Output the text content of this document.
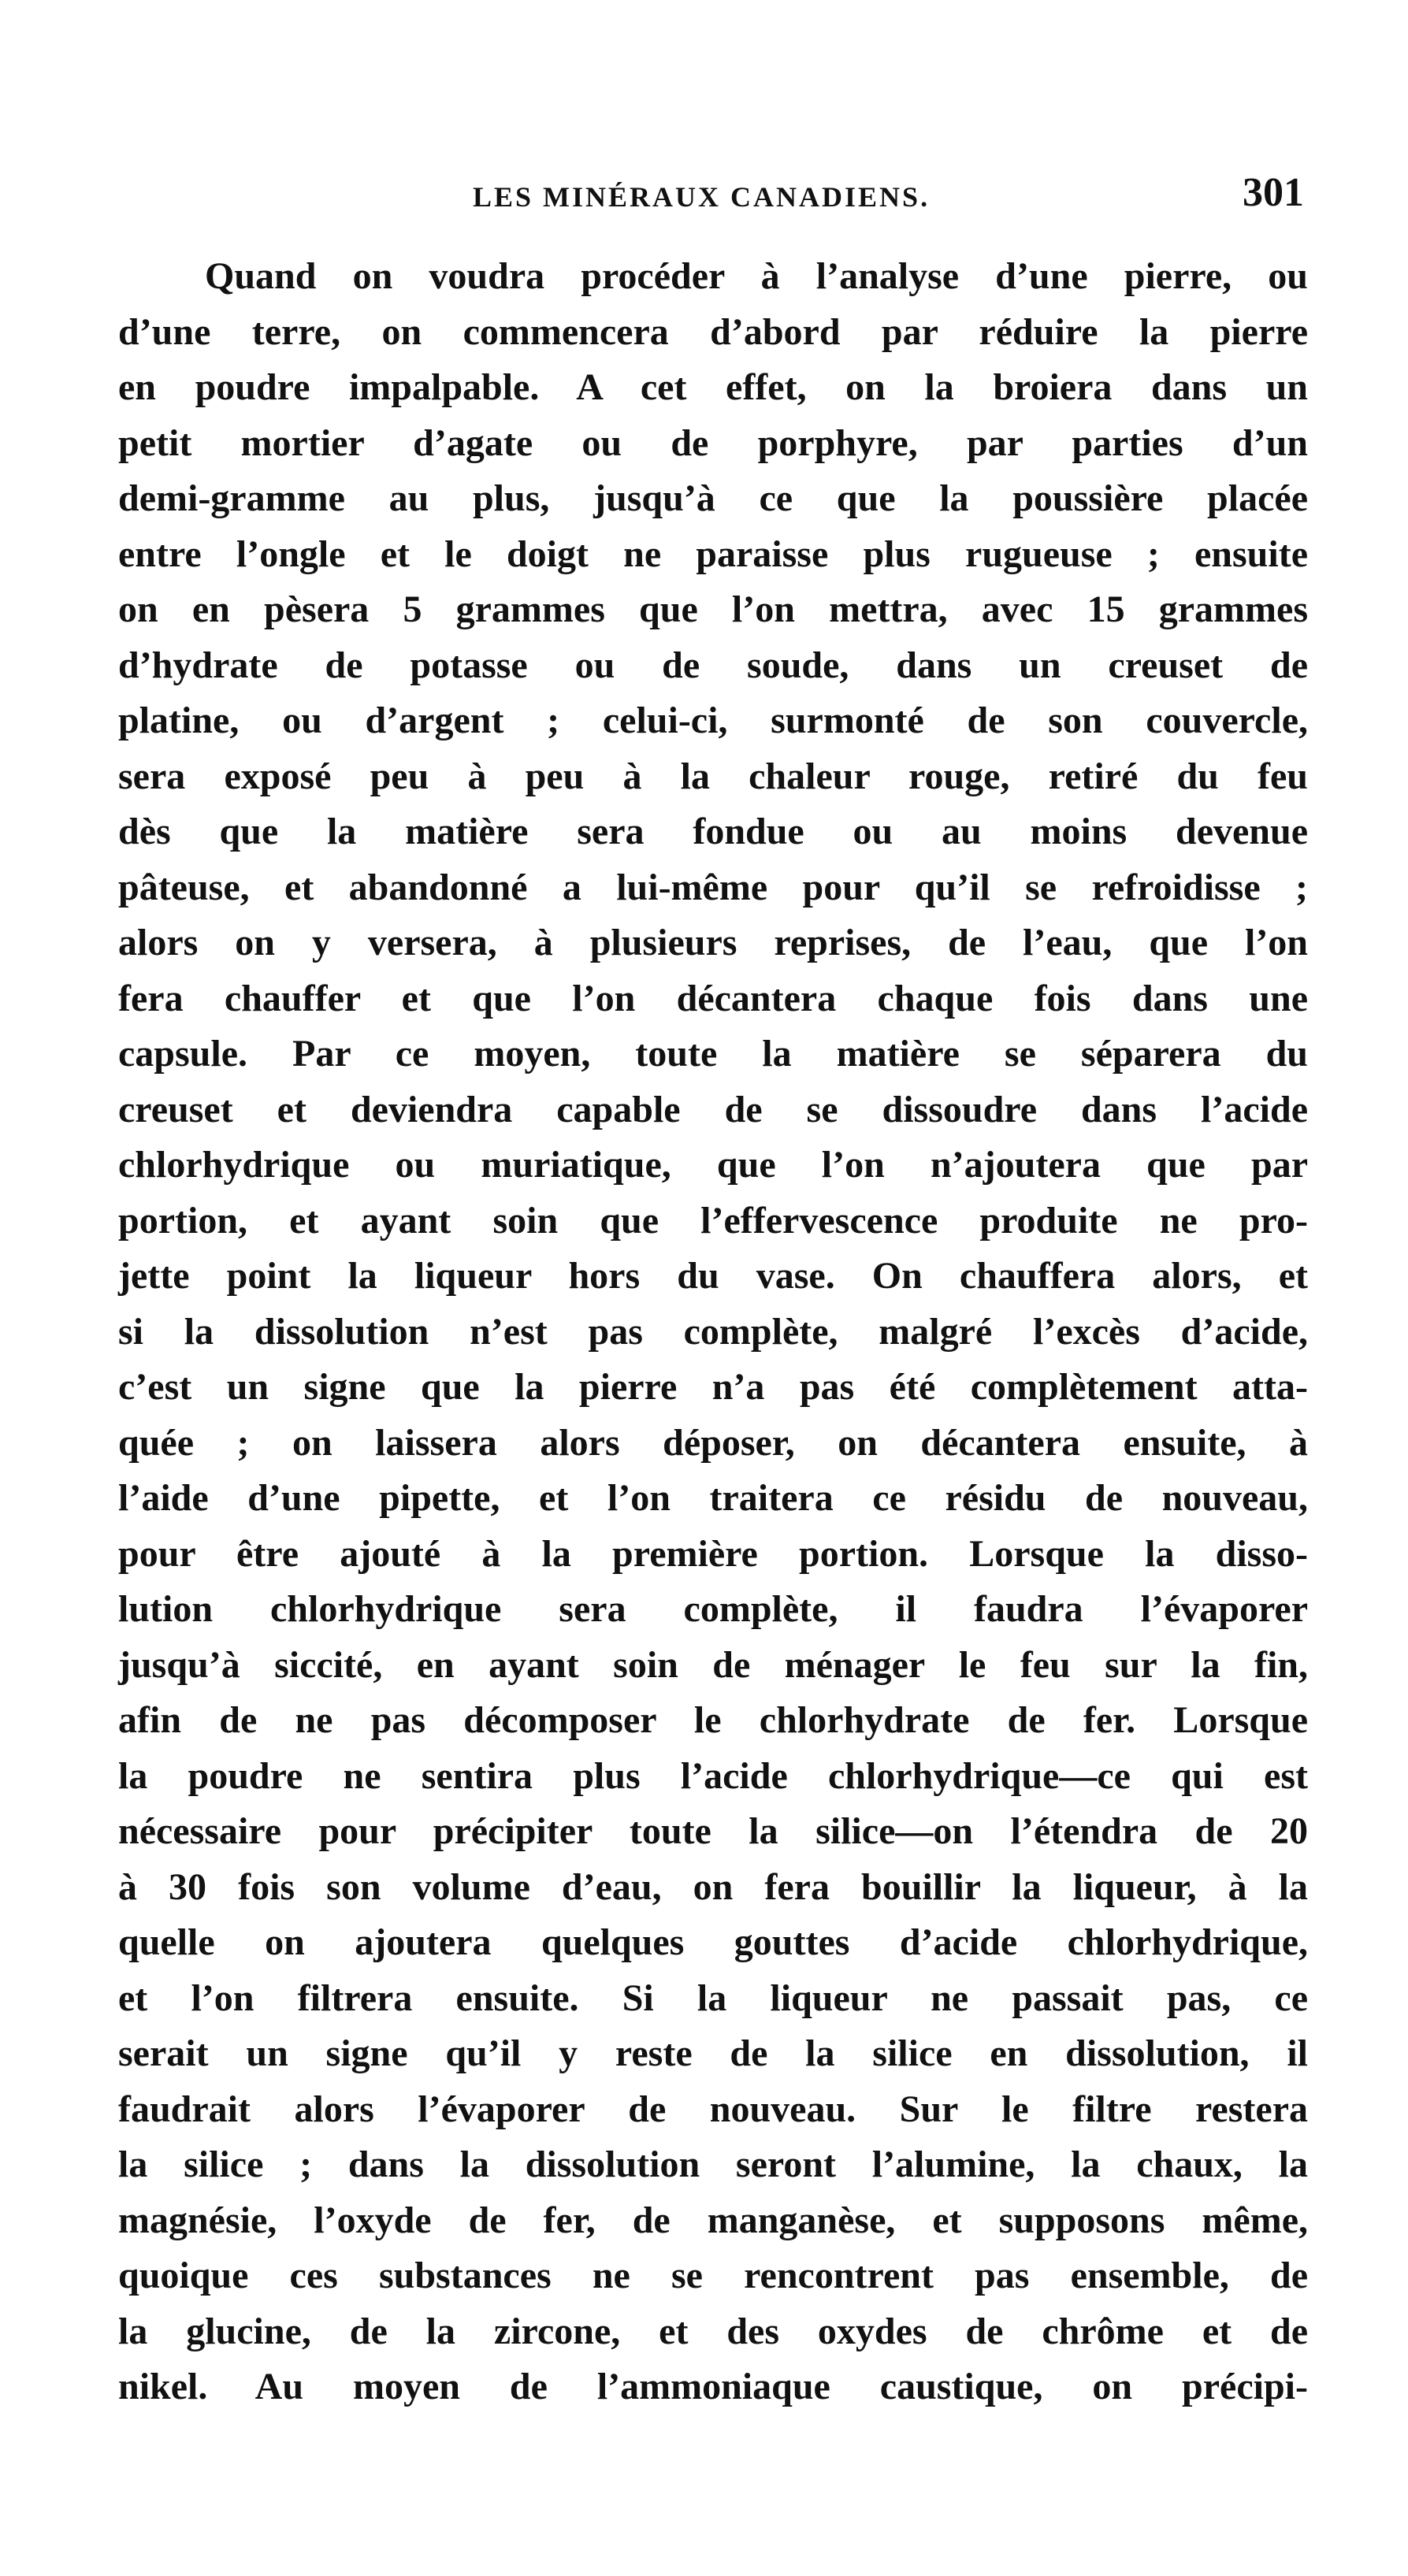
LES MINÉRAUX CANADIENS.	301
Quand on voudra procéder à l’analyse d’une pierre, ou
d’une terre, on commencera d’abord par réduire la pierre
en poudre impalpable. A cet effet, on la broiera dans un
petit mortier d’agate ou de porphyre, par parties d’un
demi-gramme au plus, jusqu’à ce que la poussière placée
entre l’ongle et le doigt ne paraisse plus rugueuse ; ensuite
on en pèsera 5 grammes que l’on mettra, avec 15 grammes
d’hydrate de potasse ou de soude, dans un creuset de
platine, ou d’argent ; celui-ci, surmonté de son couvercle,
sera exposé peu à peu à la chaleur rouge, retiré du feu
dès que la matière sera fondue ou au moins devenue
pâteuse, et abandonné a lui-même pour qu’il se refroidisse ;
alors on y versera, à plusieurs reprises, de l’eau, que l’on
fera chauffer et que l’on décantera chaque fois dans une
capsule. Par ce moyen, toute la matière se séparera du
creuset et deviendra capable de se dissoudre dans l’acide
chlorhydrique ou muriatique, que l’on n’ajoutera que par
portion, et ayant soin que l’effervescence produite ne pro-
jette point la liqueur hors du vase. On chauffera alors, et
si la dissolution n’est pas complète, malgré l’excès d’acide,
c’est un signe que la pierre n’a pas été complètement atta-
quée ; on laissera alors déposer, on décantera ensuite, à
l’aide d’une pipette, et l’on traitera ce résidu de nouveau,
pour être ajouté à la première portion. Lorsque la disso-
lution chlorhydrique sera complète, il faudra l’évaporer
jusqu’à siccité, en ayant soin de ménager le feu sur la fin,
afin de ne pas décomposer le chlorhydrate de fer. Lorsque
la poudre ne sentira plus l’acide chlorhydrique—ce qui est
nécessaire pour précipiter toute la silice—on l’étendra de 20
à 30 fois son volume d’eau, on fera bouillir la liqueur, à la
quelle on ajoutera quelques gouttes d’acide chlorhydrique,
et l’on filtrera ensuite. Si la liqueur ne passait pas, ce
serait un signe qu’il y reste de la silice en dissolution, il
faudrait alors l’évaporer de nouveau. Sur le filtre restera
la silice ; dans la dissolution seront l’alumine, la chaux, la
magnésie, l’oxyde de fer, de manganèse, et supposons même,
quoique ces substances ne se rencontrent pas ensemble, de
la glucine, de la zircone, et des oxydes de chrôme et de
nikel. Au moyen de l’ammoniaque caustique, on précipi-
